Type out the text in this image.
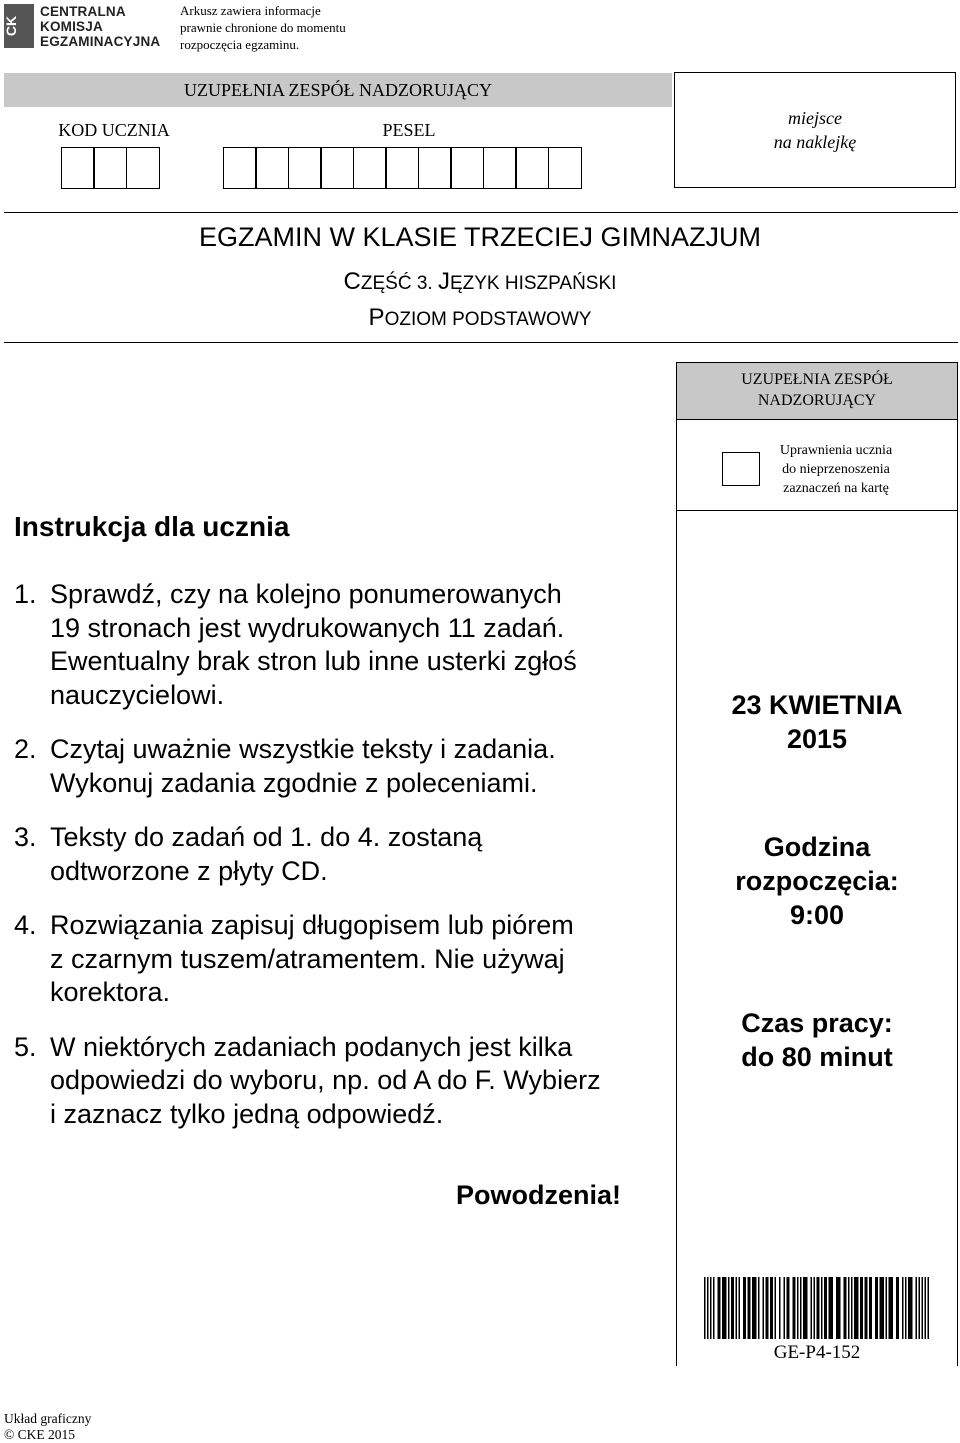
CK
CENTRALNA
KOMISJA
EGZAMINACYJNA
Arkusz zawiera informacje
prawnie chronione do momentu
rozpoczęcia egzaminu.
UZUPEŁNIA ZESPÓŁ NADZORUJĄCY
KOD UCZNIA	PESEL
miejsce
na naklejkę
EGZAMIN W KLASIE TRZECIEJ GIMNAZJUM
CZĘŚĆ 3. JĘZYK HISZPAŃSKI
POZIOM PODSTAWOWY
UZUPEŁNIA ZESPÓŁ
NADZORUJĄCY
Uprawnienia ucznia
do nieprzenoszenia
zaznaczeń na kartę
23 KWIETNIA
2015
Godzina
rozpoczęcia:
9:00
Czas pracy:
do 80 minut
Instrukcja dla ucznia
1. Sprawdź, czy na kolejno ponumerowanych
19 stronach jest wydrukowanych 11 zadań.
Ewentualny brak stron lub inne usterki zgłoś
nauczycielowi.
2. Czytaj uważnie wszystkie teksty i zadania.
Wykonuj zadania zgodnie z poleceniami.
3. Teksty do zadań od 1. do 4. zostaną
odtworzone z płyty CD.
4. Rozwiązania zapisuj długopisem lub piórem
z czarnym tuszem/atramentem. Nie używaj
korektora.
5. W niektórych zadaniach podanych jest kilka
odpowiedzi do wyboru, np. od A do F. Wybierz
i zaznacz tylko jedną odpowiedź.
Powodzenia!
GE-P4-152
Układ graficzny
© CKE 2015
